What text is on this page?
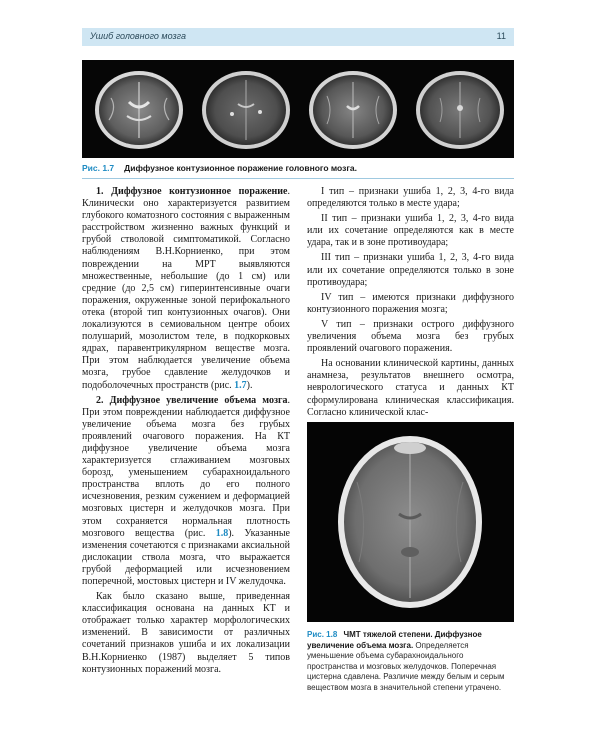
Ушиб головного мозга	11
Рис. 1.7 Диффузное контузионное поражение головного мозга.

1. Диффузное контузионное поражение. Клинически оно характеризуется развитием глубокого коматозного состояния с выраженным расстройством жизненно важных функций и грубой стволовой симптоматикой. Согласно наблюдениям В.Н.Корниенко, при этом повреждении на МРТ выявляются множественные, небольшие (до 1 см) или средние (до 2,5 см) гиперинтенсивные очаги поражения, окруженные зоной перифокального отека (второй тип контузионных очагов). Они локализуются в семиовальном центре обоих полушарий, мозолистом теле, в подкорковых ядрах, паравентрикулярном веществе мозга. При этом наблюдается увеличение объема мозга, грубое сдавление желудочков и подоболочечных пространств (рис. 1.7).

2. Диффузное увеличение объема мозга. При этом повреждении наблюдается диффузное увеличение объема мозга без грубых проявлений очагового поражения. На КТ диффузное увеличение объема мозга характеризуется сглаживанием мозговых борозд, уменьшением субарахноидального пространства вплоть до его полного исчезновения, резким сужением и деформацией мозговых цистерн и желудочков мозга. При этом сохраняется нормальная плотность мозгового вещества (рис. 1.8). Указанные изменения сочетаются с признаками аксиальной дислокации ствола мозга, что выражается грубой деформацией или исчезновением поперечной, мостовых цистерн и IV желудочка.

Как было сказано выше, приведенная классификация основана на данных КТ и отображает только характер морфологических изменений. В зависимости от различных сочетаний признаков ушиба и их локализации В.Н.Корниенко (1987) выделяет 5 типов контузионных поражений мозга.

I тип – признаки ушиба 1, 2, 3, 4-го вида определяются только в месте удара;

II тип – признаки ушиба 1, 2, 3, 4-го вида или их сочетание определяются как в месте удара, так и в зоне противоудара;

III тип – признаки ушиба 1, 2, 3, 4-го вида или их сочетание определяются только в зоне противоудара;

IV тип – имеются признаки диффузного контузионного поражения мозга;

V тип – признаки острого диффузного увеличения объема мозга без грубых проявлений очагового поражения.

На основании клинической картины, данных анамнеза, результатов внешнего осмотра, неврологического статуса и данных КТ сформулирована клиническая классификация. Согласно клинической клас-

Рис. 1.8 ЧМТ тяжелой степени. Диффузное увеличение объема мозга. Определяется уменьшение объема субарахноидального пространства и мозговых желудочков. Поперечная цистерна сдавлена. Различие между белым и серым веществом мозга в значительной степени утрачено.
